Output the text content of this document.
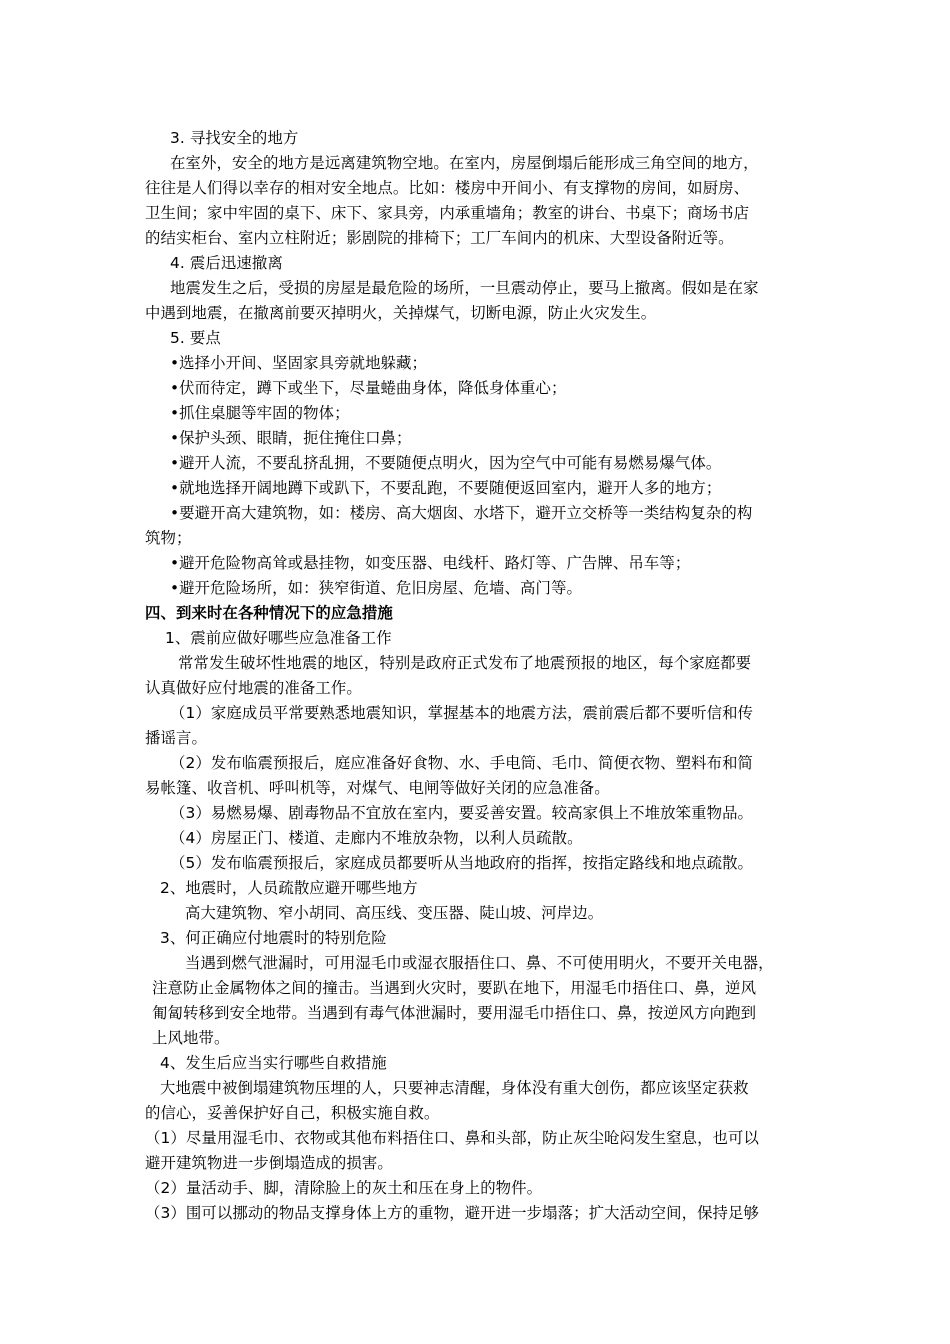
3. 寻找安全的地方
在室外，安全的地方是远离建筑物空地。在室内，房屋倒塌后能形成三角空间的地方，
往往是人们得以幸存的相对安全地点。比如：楼房中开间小、有支撑物的房间，如厨房、
卫生间；家中牢固的桌下、床下、家具旁，内承重墙角；教室的讲台、书桌下；商场书店
的结实柜台、室内立柱附近；影剧院的排椅下；工厂车间内的机床、大型设备附近等。
4. 震后迅速撤离
地震发生之后，受损的房屋是最危险的场所，一旦震动停止，要马上撤离。假如是在家
中遇到地震，在撤离前要灭掉明火，关掉煤气，切断电源，防止火灾发生。
5. 要点
•选择小开间、坚固家具旁就地躲藏；
•伏而待定，蹲下或坐下，尽量蜷曲身体，降低身体重心；
•抓住桌腿等牢固的物体；
•保护头颈、眼睛，扼住掩住口鼻；
•避开人流，不要乱挤乱拥，不要随便点明火，因为空气中可能有易燃易爆气体。
•就地选择开阔地蹲下或趴下，不要乱跑，不要随便返回室内，避开人多的地方；
•要避开高大建筑物，如：楼房、高大烟囱、水塔下，避开立交桥等一类结构复杂的构
筑物；
•避开危险物高耸或悬挂物，如变压器、电线杆、路灯等、广告牌、吊车等；
•避开危险场所，如：狭窄街道、危旧房屋、危墙、高门等。
四、到来时在各种情况下的应急措施
1、震前应做好哪些应急准备工作
常常发生破坏性地震的地区，特别是政府正式发布了地震预报的地区，每个家庭都要
认真做好应付地震的准备工作。
（1）家庭成员平常要熟悉地震知识，掌握基本的地震方法，震前震后都不要听信和传
播谣言。
（2）发布临震预报后，庭应准备好食物、水、手电筒、毛巾、简便衣物、塑料布和简
易帐篷、收音机、呼叫机等，对煤气、电闸等做好关闭的应急准备。
（3）易燃易爆、剧毒物品不宜放在室内，要妥善安置。较高家俱上不堆放笨重物品。
（4）房屋正门、楼道、走廊内不堆放杂物，以利人员疏散。
（5）发布临震预报后，家庭成员都要听从当地政府的指挥，按指定路线和地点疏散。
2、地震时，人员疏散应避开哪些地方
高大建筑物、窄小胡同、高压线、变压器、陡山坡、河岸边。
3、何正确应付地震时的特别危险
当遇到燃气泄漏时，可用湿毛巾或湿衣服捂住口、鼻、不可使用明火，不要开关电器，
注意防止金属物体之间的撞击。当遇到火灾时，要趴在地下，用湿毛巾捂住口、鼻，逆风
匍匐转移到安全地带。当遇到有毒气体泄漏时，要用湿毛巾捂住口、鼻，按逆风方向跑到
上风地带。
4、发生后应当实行哪些自救措施
大地震中被倒塌建筑物压埋的人，只要神志清醒，身体没有重大创伤，都应该坚定获救
的信心，妥善保护好自己，积极实施自救。
（1）尽量用湿毛巾、衣物或其他布料捂住口、鼻和头部，防止灰尘呛闷发生窒息，也可以
避开建筑物进一步倒塌造成的损害。
（2）量活动手、脚，清除脸上的灰土和压在身上的物件。
（3）围可以挪动的物品支撑身体上方的重物，避开进一步塌落；扩大活动空间，保持足够
